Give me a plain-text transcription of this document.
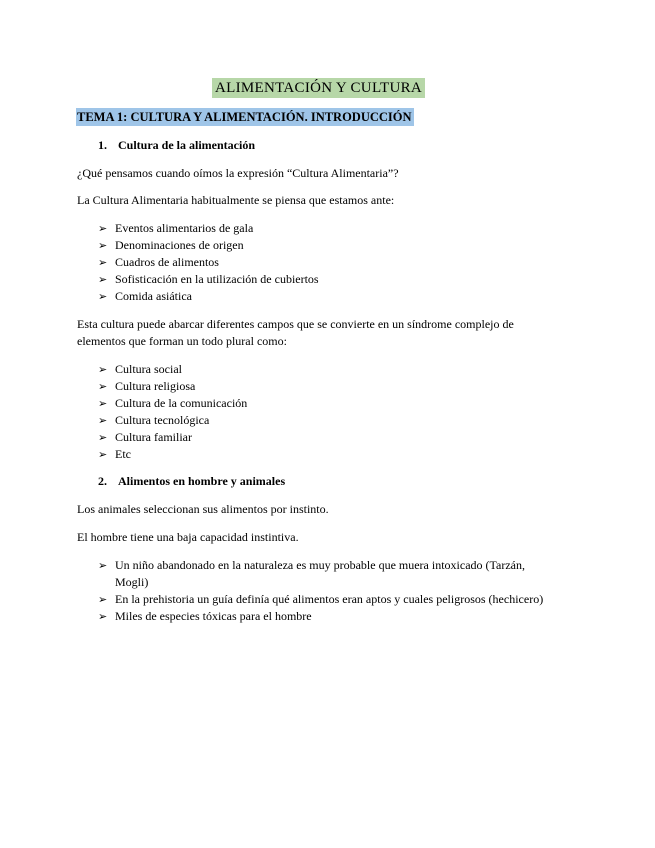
ALIMENTACIÓN Y CULTURA
TEMA 1: CULTURA Y ALIMENTACIÓN. INTRODUCCIÓN
1. Cultura de la alimentación
¿Qué pensamos cuando oímos la expresión “Cultura Alimentaria”?
La Cultura Alimentaria habitualmente se piensa que estamos ante:
➢ Eventos alimentarios de gala
➢ Denominaciones de origen
➢ Cuadros de alimentos
➢ Sofisticación en la utilización de cubiertos
➢ Comida asiática
Esta cultura puede abarcar diferentes campos que se convierte en un síndrome complejo de
elementos que forman un todo plural como:
➢ Cultura social
➢ Cultura religiosa
➢ Cultura de la comunicación
➢ Cultura tecnológica
➢ Cultura familiar
➢ Etc
2. Alimentos en hombre y animales
Los animales seleccionan sus alimentos por instinto.
El hombre tiene una baja capacidad instintiva.
➢ Un niño abandonado en la naturaleza es muy probable que muera intoxicado (Tarzán,
Mogli)
➢ En la prehistoria un guía definía qué alimentos eran aptos y cuales peligrosos (hechicero)
➢ Miles de especies tóxicas para el hombre
